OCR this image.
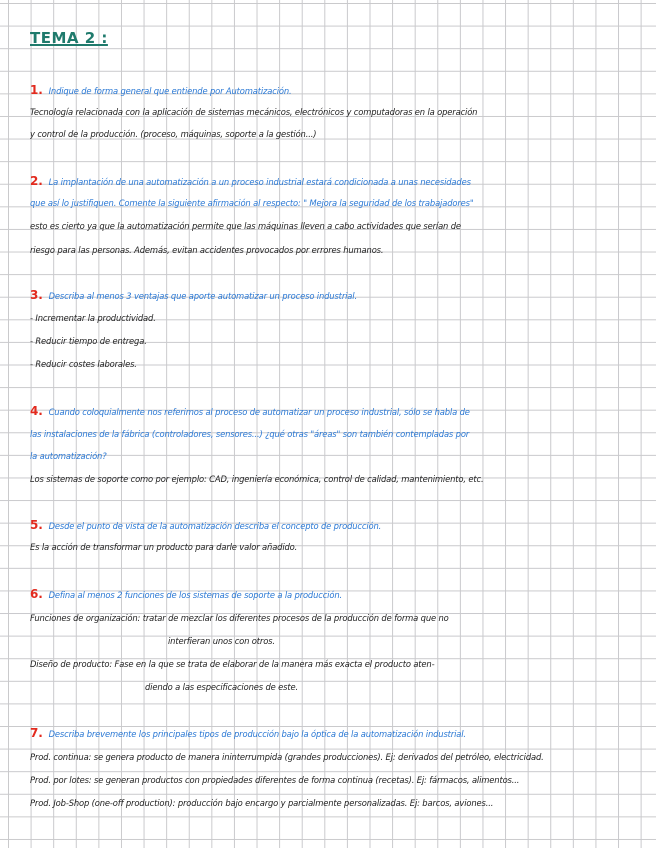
TEMA 2 :
1. Indique de forma general que entiende por Automatización.
Tecnología relacionada con la aplicación de sistemas mecánicos, electrónicos y computadoras en la operación
y control de la producción. (proceso, máquinas, soporte a la gestión...)
2. La implantación de una automatización a un proceso industrial estará condicionada a unas necesidades
que así lo justifiquen. Comente la siguiente afirmación al respecto: " Mejora la seguridad de los trabajadores"
esto es cierto ya que la automatización permite que las máquinas lleven a cabo actividades que serían de
riesgo para las personas. Además, evitan accidentes provocados por errores humanos.
3. Describa al menos 3 ventajas que aporte automatizar un proceso industrial.
- Incrementar la productividad.
- Reducir tiempo de entrega.
- Reducir costes laborales.
4. Cuando coloquialmente nos referimos al proceso de automatizar un proceso industrial, sólo se habla de
las instalaciones de la fábrica (controladores, sensores...) ¿qué otras "áreas" son también contempladas por
la automatización?
Los sistemas de soporte como por ejemplo: CAD, ingeniería económica, control de calidad, mantenimiento, etc.
5. Desde el punto de vista de la automatización describa el concepto de producción.
Es la acción de transformar un producto para darle valor añadido.
6. Defina al menos 2 funciones de los sistemas de soporte a la producción.
Funciones de organización: tratar de mezclar los diferentes procesos de la producción de forma que no
interfieran unos con otros.
Diseño de producto: Fase en la que se trata de elaborar de la manera más exacta el producto aten-
diendo a las especificaciones de este.
7. Describa brevemente los principales tipos de producción bajo la óptica de la automatización industrial.
Prod. continua: se genera producto de manera ininterrumpida (grandes producciones). Ej: derivados del petróleo, electricidad.
Prod. por lotes: se generan productos con propiedades diferentes de forma continua (recetas). Ej: fármacos, alimentos...
Prod. Job-Shop (one-off production): producción bajo encargo y parcialmente personalizadas. Ej: barcos, aviones...
